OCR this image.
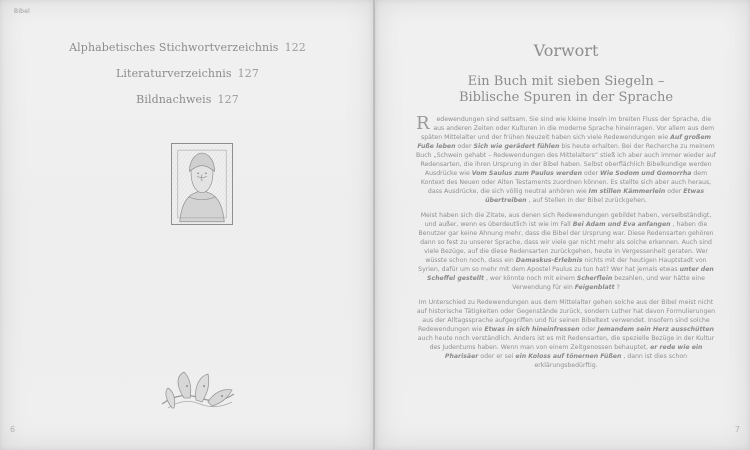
Bibel
Alphabetisches Stichwortverzeichnis 122
Literaturverzeichnis 127
Bildnachweis 127
6
Vorwort
Ein Buch mit sieben Siegeln –
Biblische Spuren in der Sprache

R edewendungen sind seltsam. Sie sind wie kleine Inseln im breiten Fluss der Sprache, die aus anderen Zeiten oder Kulturen in die moderne Sprache hineinragen. Vor allem aus dem späten Mittelalter und der frühen Neuzeit haben sich viele Redewendungen wie Auf großem Fuße leben oder Sich wie gerädert fühlen bis heute erhalten. Bei der Recherche zu meinem Buch „Schwein gehabt – Redewendungen des Mittelalters“ stieß ich aber auch immer wieder auf Redensarten, die ihren Ursprung in der Bibel haben. Selbst oberflächlich Bibelkundige werden Ausdrücke wie Vom Saulus zum Paulus werden oder Wie Sodom und Gomorrha dem Kontext des Neuen oder Alten Testaments zuordnen können. Es stellte sich aber auch heraus, dass Ausdrücke, die sich völlig neutral anhören wie Im stillen Kämmerlein oder Etwas übertreiben , auf Stellen in der Bibel zurückgehen.

Meist haben sich die Zitate, aus denen sich Redewendungen gebildet haben, verselbständigt, und außer, wenn es überdeutlich ist wie im Fall Bei Adam und Eva anfangen , haben die Benutzer gar keine Ahnung mehr, dass die Bibel der Ursprung war. Diese Redensarten gehören dann so fest zu unserer Sprache, dass wir viele gar nicht mehr als solche erkennen. Auch sind viele Bezüge, auf die diese Redensarten zurückgehen, heute in Vergessenheit geraten. Wer wüsste schon noch, dass ein Damaskus-Erlebnis nichts mit der heutigen Hauptstadt von Syrien, dafür um so mehr mit dem Apostel Paulus zu tun hat? Wer hat jemals etwas unter den Scheffel gestellt , wer könnte noch mit einem Scherflein bezahlen, und wer hätte eine Verwendung für ein Feigenblatt ?

Im Unterschied zu Redewendungen aus dem Mittelalter gehen solche aus der Bibel meist nicht auf historische Tätigkeiten oder Gegenstände zurück, sondern Luther hat davon Formulierungen aus der Alltagssprache aufgegriffen und für seinen Bibeltext verwendet. Insofern sind solche Redewendungen wie Etwas in sich hineinfressen oder Jemandem sein Herz ausschütten auch heute noch verständlich. Anders ist es mit Redensarten, die spezielle Bezüge in der Kultur des Judentums haben. Wenn man von einem Zeitgenossen behauptet, er rede wie ein Pharisäer oder er sei ein Koloss auf tönernen Füßen , dann ist dies schon erklärungsbedürftig.

7
